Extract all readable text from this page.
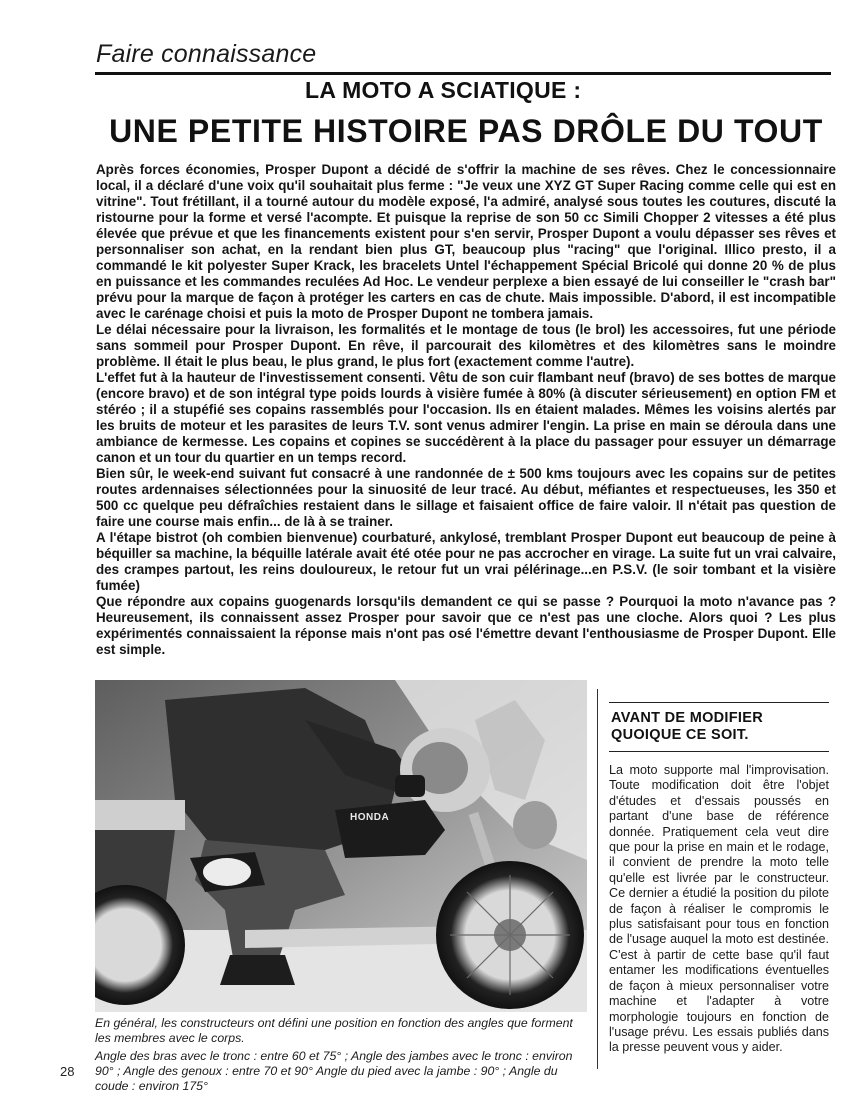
Faire connaissance
LA MOTO A SCIATIQUE :
UNE PETITE HISTOIRE PAS DRÔLE DU TOUT

Après forces économies, Prosper Dupont a décidé de s'offrir la machine de ses rêves. Chez le concessionnaire local, il a déclaré d'une voix qu'il souhaitait plus ferme : "Je veux une XYZ GT Super Racing comme celle qui est en vitrine". Tout frétillant, il a tourné autour du modèle exposé, l'a admiré, analysé sous toutes les coutures, discuté la ristourne pour la forme et versé l'acompte. Et puisque la reprise de son 50 cc Simili Chopper 2 vitesses a été plus élevée que prévue et que les financements existent pour s'en servir, Prosper Dupont a voulu dépasser ses rêves et personnaliser son achat, en la rendant bien plus GT, beaucoup plus "racing" que l'original. Illico presto, il a commandé le kit polyester Super Krack, les bracelets Untel l'échappement Spécial Bricolé qui donne 20 % de plus en puissance et les commandes reculées Ad Hoc. Le vendeur perplexe a bien essayé de lui conseiller le "crash bar" prévu pour la marque de façon à protéger les carters en cas de chute. Mais impossible. D'abord, il est incompatible avec le carénage choisi et puis la moto de Prosper Dupont ne tombera jamais.

Le délai nécessaire pour la livraison, les formalités et le montage de tous (le brol) les accessoires, fut une période sans sommeil pour Prosper Dupont. En rêve, il parcourait des kilomètres et des kilomètres sans le moindre problème. Il était le plus beau, le plus grand, le plus fort (exactement comme l'autre).

L'effet fut à la hauteur de l'investissement consenti. Vêtu de son cuir flambant neuf (bravo) de ses bottes de marque (encore bravo) et de son intégral type poids lourds à visière fumée à 80% (à discuter sérieusement) en option FM et stéréo ; il a stupéfié ses copains rassemblés pour l'occasion. Ils en étaient malades. Mêmes les voisins alertés par les bruits de moteur et les parasites de leurs T.V. sont venus admirer l'engin. La prise en main se déroula dans une ambiance de kermesse. Les copains et copines se succédèrent à la place du passager pour essuyer un démarrage canon et un tour du quartier en un temps record.

Bien sûr, le week-end suivant fut consacré à une randonnée de ± 500 kms toujours avec les copains sur de petites routes ardennaises sélectionnées pour la sinuosité de leur tracé. Au début, méfiantes et respectueuses, les 350 et 500 cc quelque peu défraîchies restaient dans le sillage et faisaient office de faire valoir. Il n'était pas question de faire une course mais enfin... de là à se trainer.

A l'étape bistrot (oh combien bienvenue) courbaturé, ankylosé, tremblant Prosper Dupont eut beaucoup de peine à béquiller sa machine, la béquille latérale avait été otée pour ne pas accrocher en virage. La suite fut un vrai calvaire, des crampes partout, les reins douloureux, le retour fut un vrai pélérinage...en P.S.V. (le soir tombant et la visière fumée)

Que répondre aux copains guogenards lorsqu'ils demandent ce qui se passe ? Pourquoi la moto n'avance pas ? Heureusement, ils connaissent assez Prosper pour savoir que ce n'est pas une cloche. Alors quoi ? Les plus expérimentés connaissaient la réponse mais n'ont pas osé l'émettre devant l'enthousiasme de Prosper Dupont. Elle est simple.

HONDA

En général, les constructeurs ont défini une position en fonction des angles que forment les membres avec le corps.

Angle des bras avec le tronc : entre 60 et 75° ; Angle des jambes avec le tronc : environ 90° ; Angle des genoux : entre 70 et 90° Angle du pied avec la jambe : 90° ; Angle du coude : environ 175°

28
AVANT DE MODIFIER QUOIQUE CE SOIT.
La moto supporte mal l'improvisation. Toute modification doit être l'objet d'études et d'essais poussés en partant d'une base de référence donnée. Pratiquement cela veut dire que pour la prise en main et le rodage, il convient de prendre la moto telle qu'elle est livrée par le constructeur. Ce dernier a étudié la position du pilote de façon à réaliser le compromis le plus satisfaisant pour tous en fonction de l'usage auquel la moto est destinée. C'est à partir de cette base qu'il faut entamer les modifications éventuelles de façon à mieux personnaliser votre machine et l'adapter à votre morphologie toujours en fonction de l'usage prévu. Les essais publiés dans la presse peuvent vous y aider.
